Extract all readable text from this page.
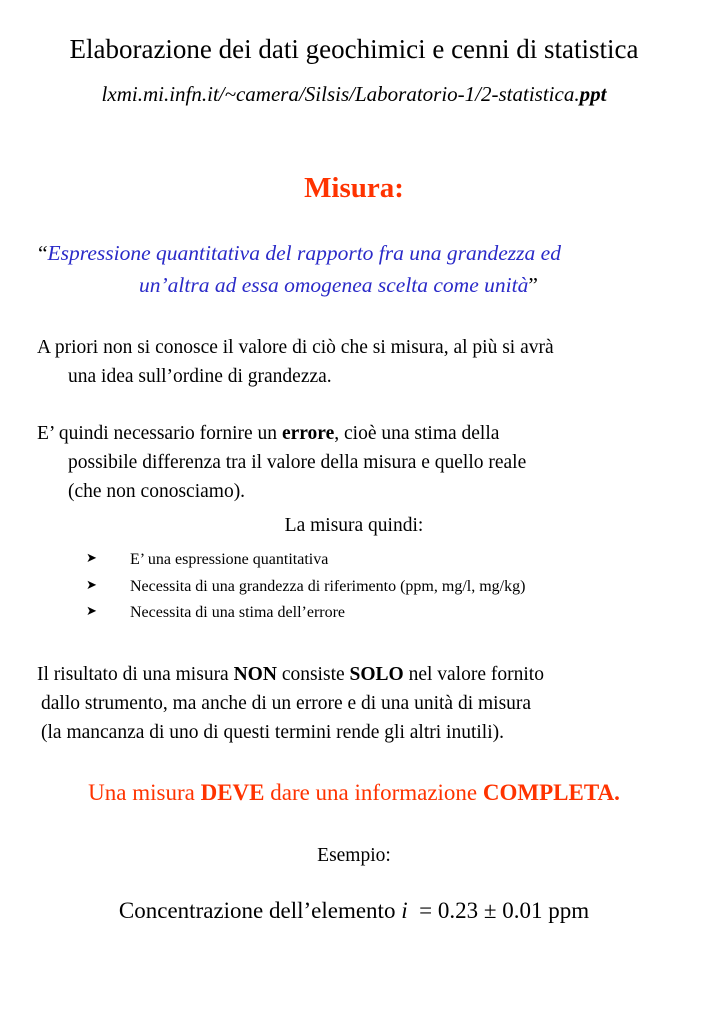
Elaborazione dei dati geochimici e cenni di statistica
lxmi.mi.infn.it/~camera/Silsis/Laboratorio-1/2-statistica.ppt
Misura:
“Espressione quantitativa del rapporto fra una grandezza ed
un’altra ad essa omogenea scelta come unità”
A priori non si conosce il valore di ciò che si misura, al più si avrà
una idea sull’ordine di grandezza.
E’ quindi necessario fornire un errore, cioè una stima della
possibile differenza tra il valore della misura e quello reale
(che non conosciamo).
La misura quindi:
➤ E’ una espressione quantitativa
➤ Necessita di una grandezza di riferimento (ppm, mg/l, mg/kg)
➤ Necessita di una stima dell’errore
Il risultato di una misura NON consiste SOLO nel valore fornito
dallo strumento, ma anche di un errore e di una unità di misura
(la mancanza di uno di questi termini rende gli altri inutili).
Una misura DEVE dare una informazione COMPLETA.
Esempio:
Concentrazione dell’elemento i  = 0.23 ± 0.01 ppm
